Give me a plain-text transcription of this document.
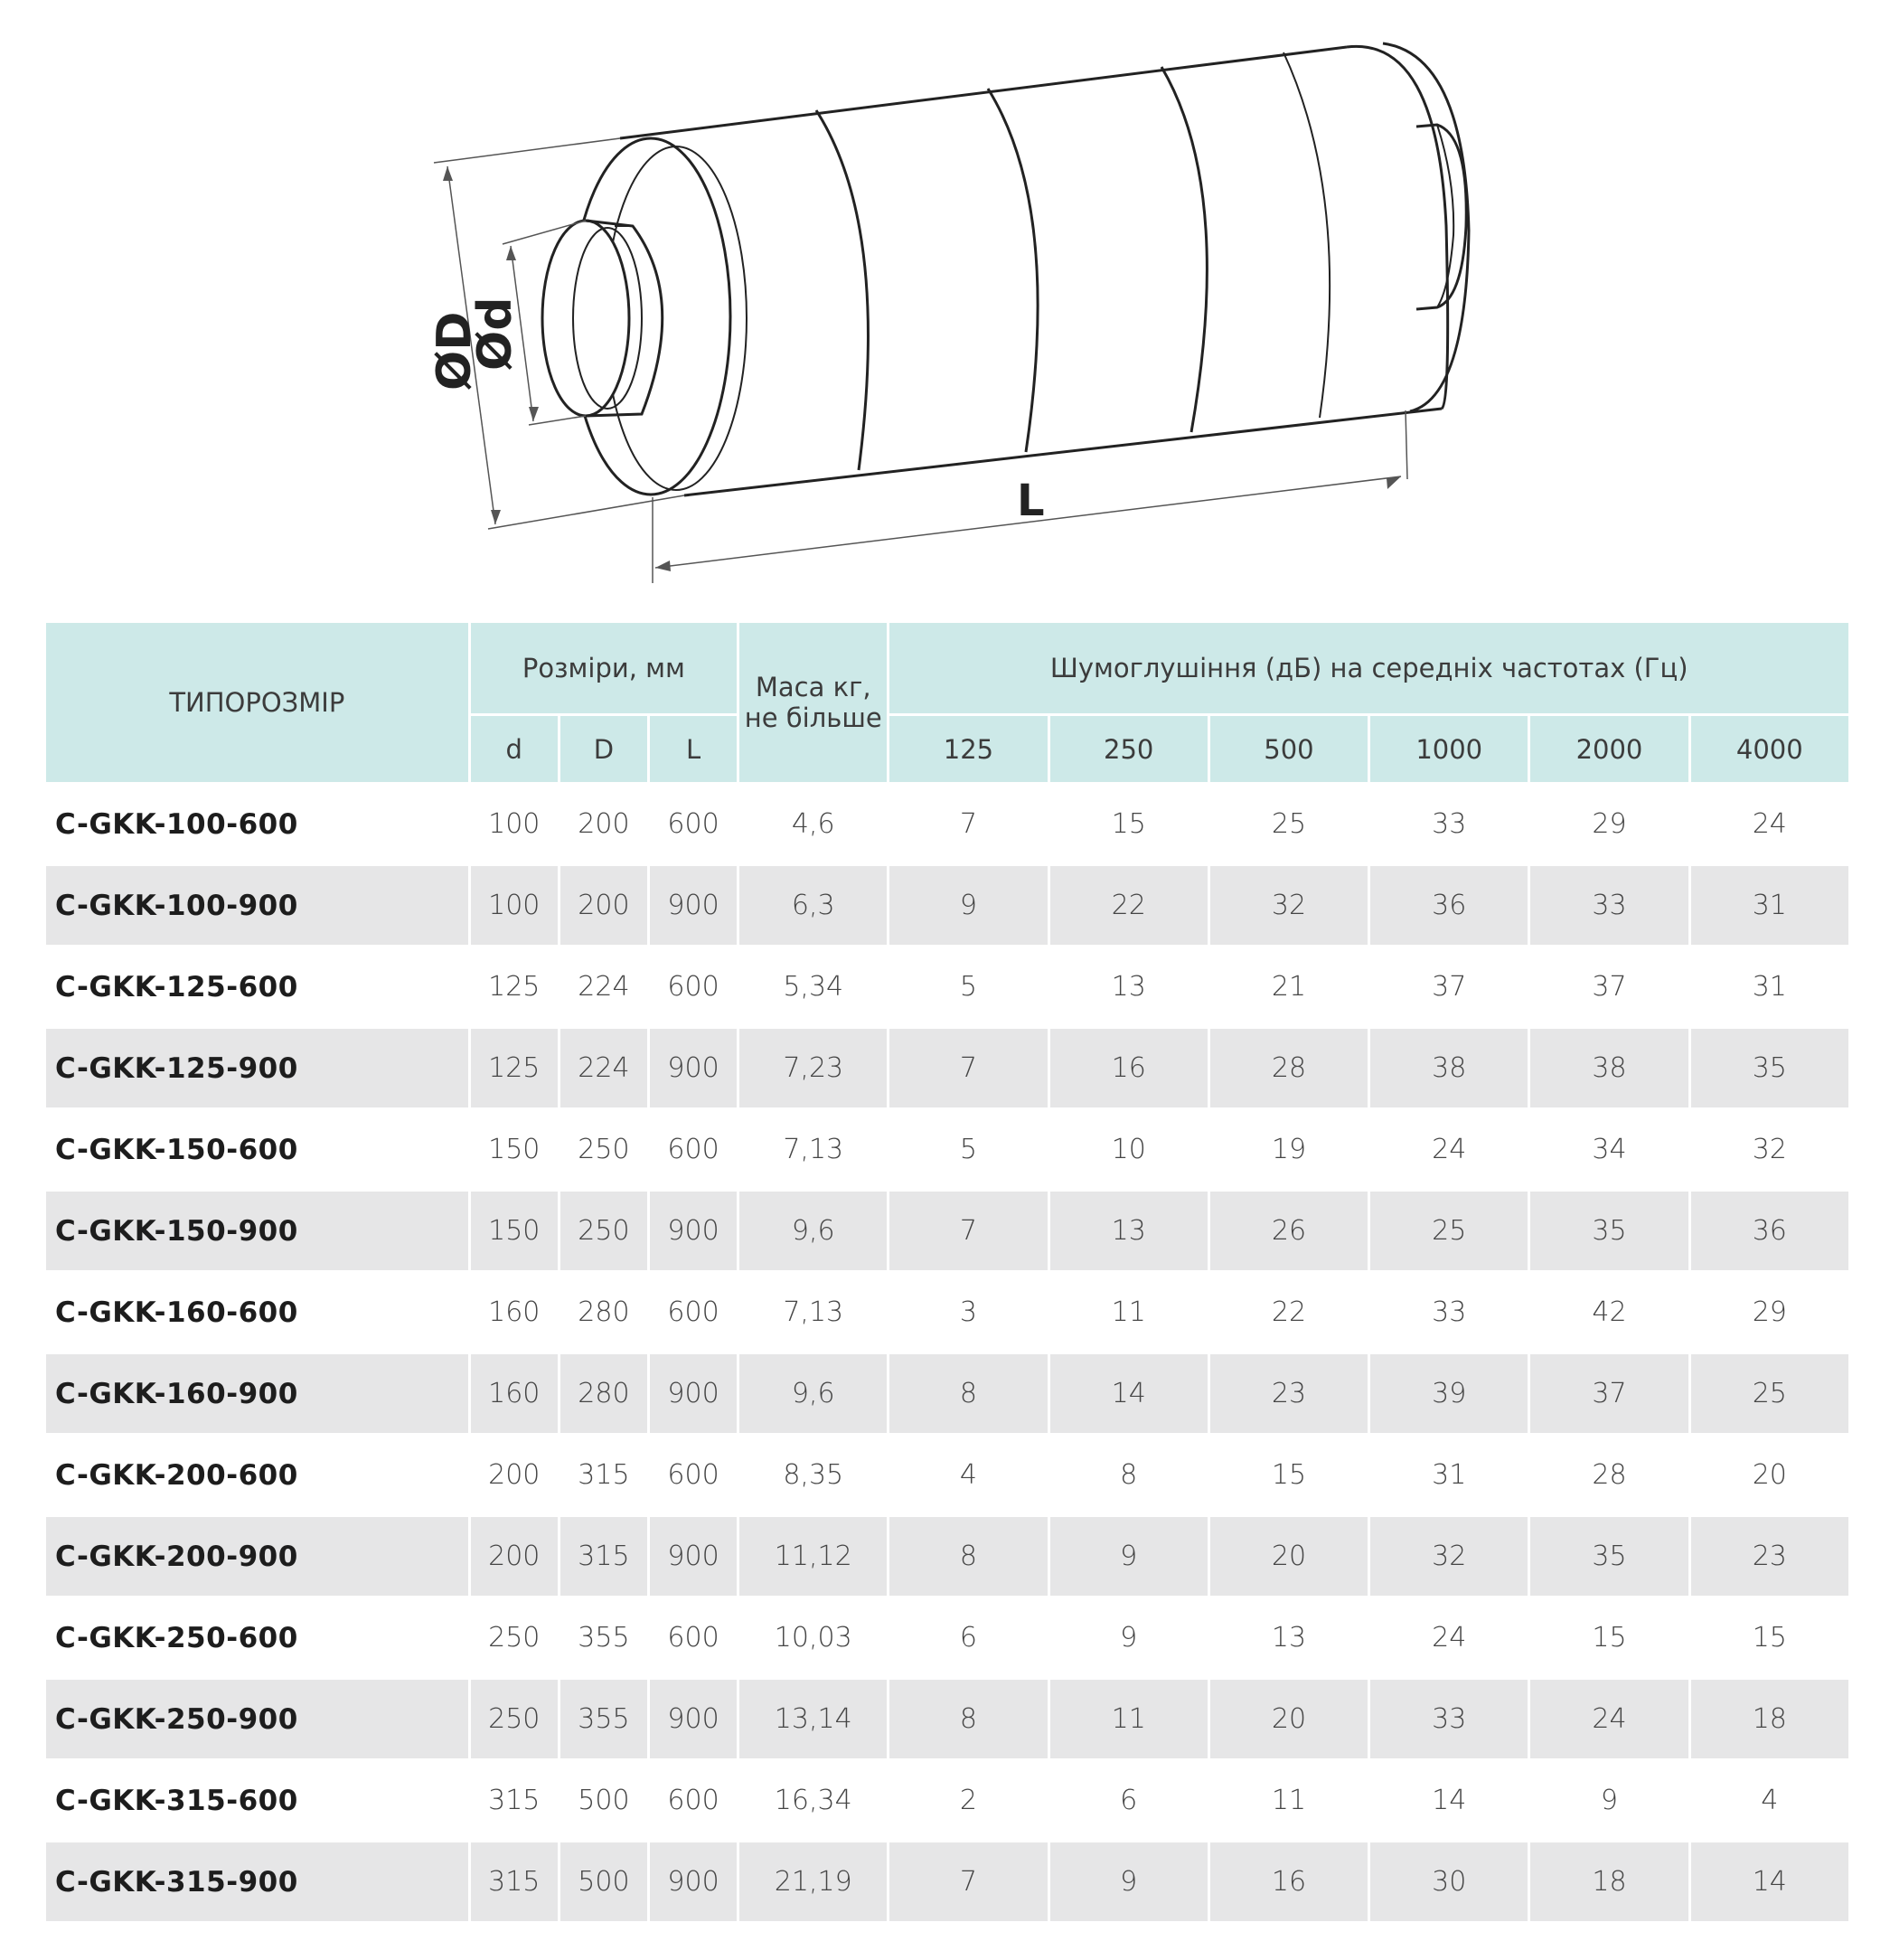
ØD
Ød
L
ТИПОРОЗМІР	Розміри, мм			Маса кг, не більше	Шумоглушіння (дБ) на середніх частотах (Гц)					
	d	D	L		125	250	500	1000	2000	4000
C-GKK-100-600	100	200	600	4,6	7	15	25	33	29	24
C-GKK-100-900	100	200	900	6,3	9	22	32	36	33	31
C-GKK-125-600	125	224	600	5,34	5	13	21	37	37	31
C-GKK-125-900	125	224	900	7,23	7	16	28	38	38	35
C-GKK-150-600	150	250	600	7,13	5	10	19	24	34	32
C-GKK-150-900	150	250	900	9,6	7	13	26	25	35	36
C-GKK-160-600	160	280	600	7,13	3	11	22	33	42	29
C-GKK-160-900	160	280	900	9,6	8	14	23	39	37	25
C-GKK-200-600	200	315	600	8,35	4	8	15	31	28	20
C-GKK-200-900	200	315	900	11,12	8	9	20	32	35	23
C-GKK-250-600	250	355	600	10,03	6	9	13	24	15	15
C-GKK-250-900	250	355	900	13,14	8	11	20	33	24	18
C-GKK-315-600	315	500	600	16,34	2	6	11	14	9	4
C-GKK-315-900	315	500	900	21,19	7	9	16	30	18	14
